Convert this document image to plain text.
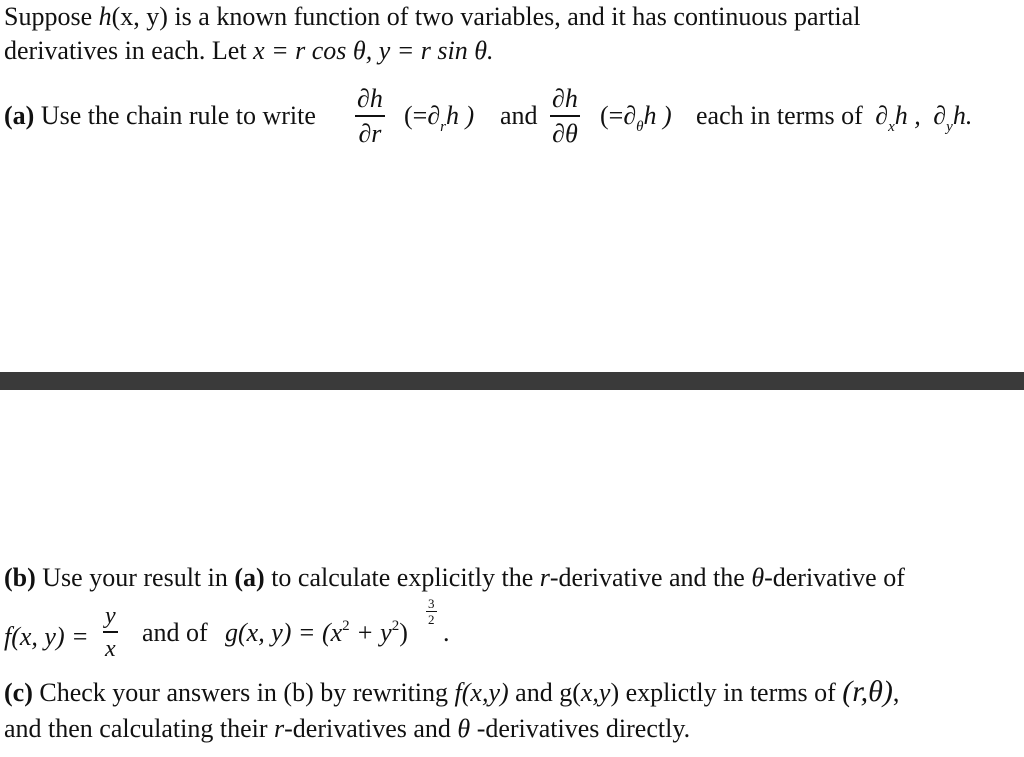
Suppose h(x, y) is a known function of two variables, and it has continuous partial
derivatives in each. Let x = r cos θ, y = r sin θ.
(a) Use the chain rule to write
∂h
∂r
($=\partial_rh$ ) and
∂h
∂θ
($=\partial_\theta h$ ) each in terms of $\partial_xh$ , $\partial_yh$.
(b) Use your result in (a) to calculate explicitly the r-derivative and the θ-derivative of
f(x, y) =
y
x
and of g(x, $y) = (x^2 + y^2)$
3
2 .
(c) Check your answers in (b) by rewriting f(x,y) and g(x,y) explictly in terms of (r,θ),
and then calculating their r-derivatives and θ -derivatives directly.
